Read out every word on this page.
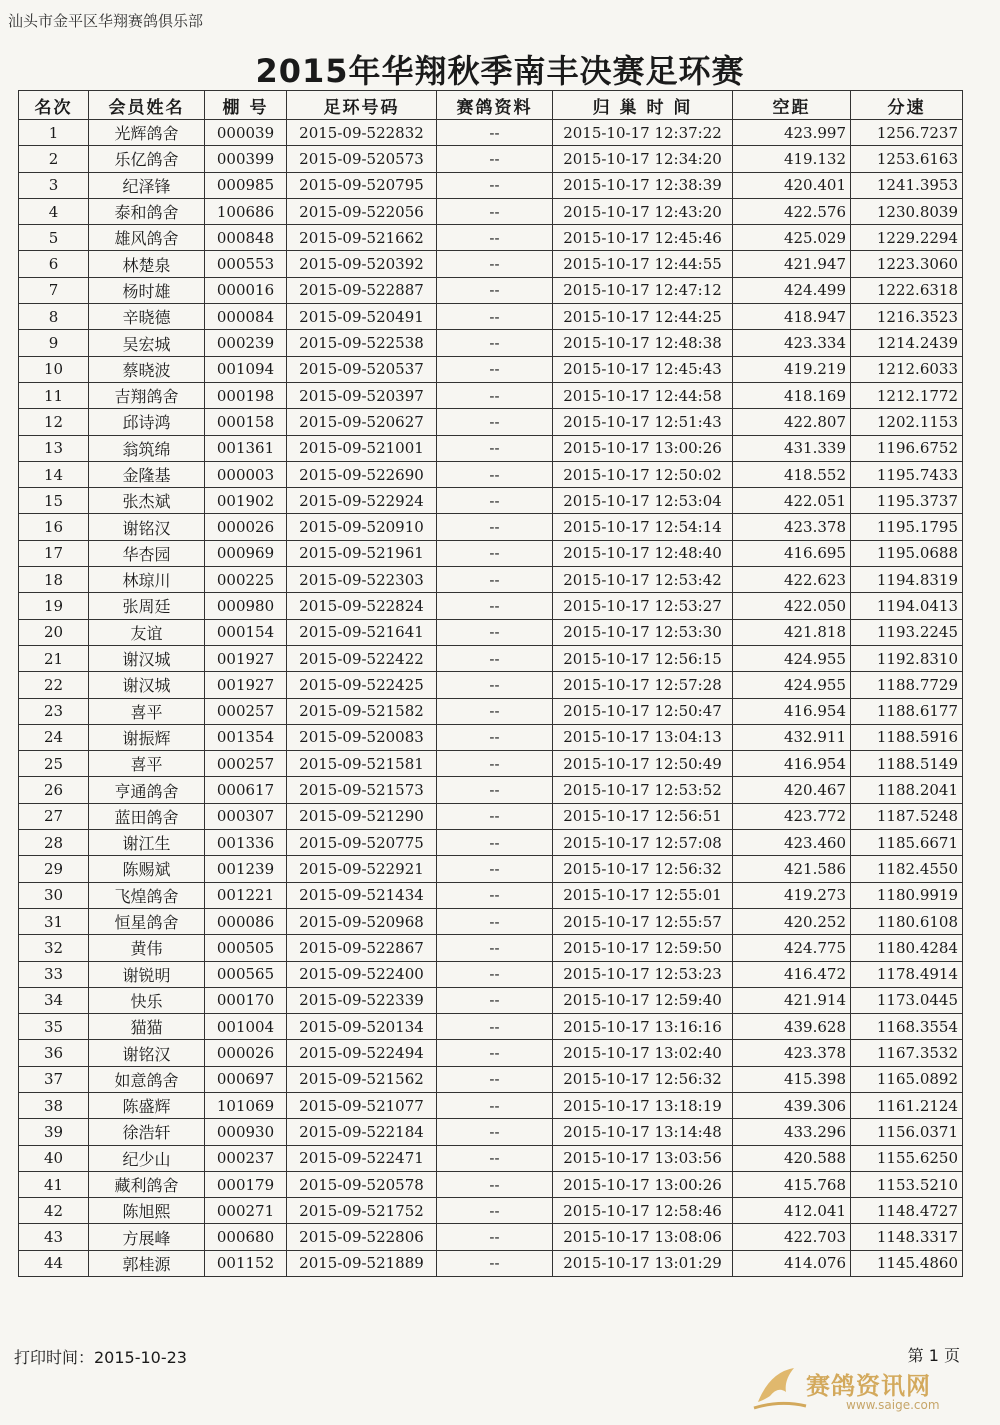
汕头市金平区华翔赛鸽俱乐部
2015年华翔秋季南丰决赛足环赛
名次	会员姓名	棚 号	足环号码	赛鸽资料	归 巢 时 间	空距	分速
1	光辉鸽舍	000039	2015-09-522832	--	2015-10-17 12:37:22	423.997	1256.7237
2	乐亿鸽舍	000399	2015-09-520573	--	2015-10-17 12:34:20	419.132	1253.6163
3	纪泽锋	000985	2015-09-520795	--	2015-10-17 12:38:39	420.401	1241.3953
4	泰和鸽舍	100686	2015-09-522056	--	2015-10-17 12:43:20	422.576	1230.8039
5	雄风鸽舍	000848	2015-09-521662	--	2015-10-17 12:45:46	425.029	1229.2294
6	林楚泉	000553	2015-09-520392	--	2015-10-17 12:44:55	421.947	1223.3060
7	杨时雄	000016	2015-09-522887	--	2015-10-17 12:47:12	424.499	1222.6318
8	辛晓德	000084	2015-09-520491	--	2015-10-17 12:44:25	418.947	1216.3523
9	吴宏城	000239	2015-09-522538	--	2015-10-17 12:48:38	423.334	1214.2439
10	蔡晓波	001094	2015-09-520537	--	2015-10-17 12:45:43	419.219	1212.6033
11	吉翔鸽舍	000198	2015-09-520397	--	2015-10-17 12:44:58	418.169	1212.1772
12	邱诗鸿	000158	2015-09-520627	--	2015-10-17 12:51:43	422.807	1202.1153
13	翁筑绵	001361	2015-09-521001	--	2015-10-17 13:00:26	431.339	1196.6752
14	金隆基	000003	2015-09-522690	--	2015-10-17 12:50:02	418.552	1195.7433
15	张杰斌	001902	2015-09-522924	--	2015-10-17 12:53:04	422.051	1195.3737
16	谢铭汉	000026	2015-09-520910	--	2015-10-17 12:54:14	423.378	1195.1795
17	华杏园	000969	2015-09-521961	--	2015-10-17 12:48:40	416.695	1195.0688
18	林琼川	000225	2015-09-522303	--	2015-10-17 12:53:42	422.623	1194.8319
19	张周廷	000980	2015-09-522824	--	2015-10-17 12:53:27	422.050	1194.0413
20	友谊	000154	2015-09-521641	--	2015-10-17 12:53:30	421.818	1193.2245
21	谢汉城	001927	2015-09-522422	--	2015-10-17 12:56:15	424.955	1192.8310
22	谢汉城	001927	2015-09-522425	--	2015-10-17 12:57:28	424.955	1188.7729
23	喜平	000257	2015-09-521582	--	2015-10-17 12:50:47	416.954	1188.6177
24	谢振辉	001354	2015-09-520083	--	2015-10-17 13:04:13	432.911	1188.5916
25	喜平	000257	2015-09-521581	--	2015-10-17 12:50:49	416.954	1188.5149
26	亨通鸽舍	000617	2015-09-521573	--	2015-10-17 12:53:52	420.467	1188.2041
27	蓝田鸽舍	000307	2015-09-521290	--	2015-10-17 12:56:51	423.772	1187.5248
28	谢江生	001336	2015-09-520775	--	2015-10-17 12:57:08	423.460	1185.6671
29	陈赐斌	001239	2015-09-522921	--	2015-10-17 12:56:32	421.586	1182.4550
30	飞煌鸽舍	001221	2015-09-521434	--	2015-10-17 12:55:01	419.273	1180.9919
31	恒星鸽舍	000086	2015-09-520968	--	2015-10-17 12:55:57	420.252	1180.6108
32	黄伟	000505	2015-09-522867	--	2015-10-17 12:59:50	424.775	1180.4284
33	谢锐明	000565	2015-09-522400	--	2015-10-17 12:53:23	416.472	1178.4914
34	快乐	000170	2015-09-522339	--	2015-10-17 12:59:40	421.914	1173.0445
35	猫猫	001004	2015-09-520134	--	2015-10-17 13:16:16	439.628	1168.3554
36	谢铭汉	000026	2015-09-522494	--	2015-10-17 13:02:40	423.378	1167.3532
37	如意鸽舍	000697	2015-09-521562	--	2015-10-17 12:56:32	415.398	1165.0892
38	陈盛辉	101069	2015-09-521077	--	2015-10-17 13:18:19	439.306	1161.2124
39	徐浩轩	000930	2015-09-522184	--	2015-10-17 13:14:48	433.296	1156.0371
40	纪少山	000237	2015-09-522471	--	2015-10-17 13:03:56	420.588	1155.6250
41	藏利鸽舍	000179	2015-09-520578	--	2015-10-17 13:00:26	415.768	1153.5210
42	陈旭熙	000271	2015-09-521752	--	2015-10-17 12:58:46	412.041	1148.4727
43	方展峰	000680	2015-09-522806	--	2015-10-17 13:08:06	422.703	1148.3317
44	郭桂源	001152	2015-09-521889	--	2015-10-17 13:01:29	414.076	1145.4860
打印时间：2015-10-23	第 1 页
赛鸽资讯网
www.saige.com
